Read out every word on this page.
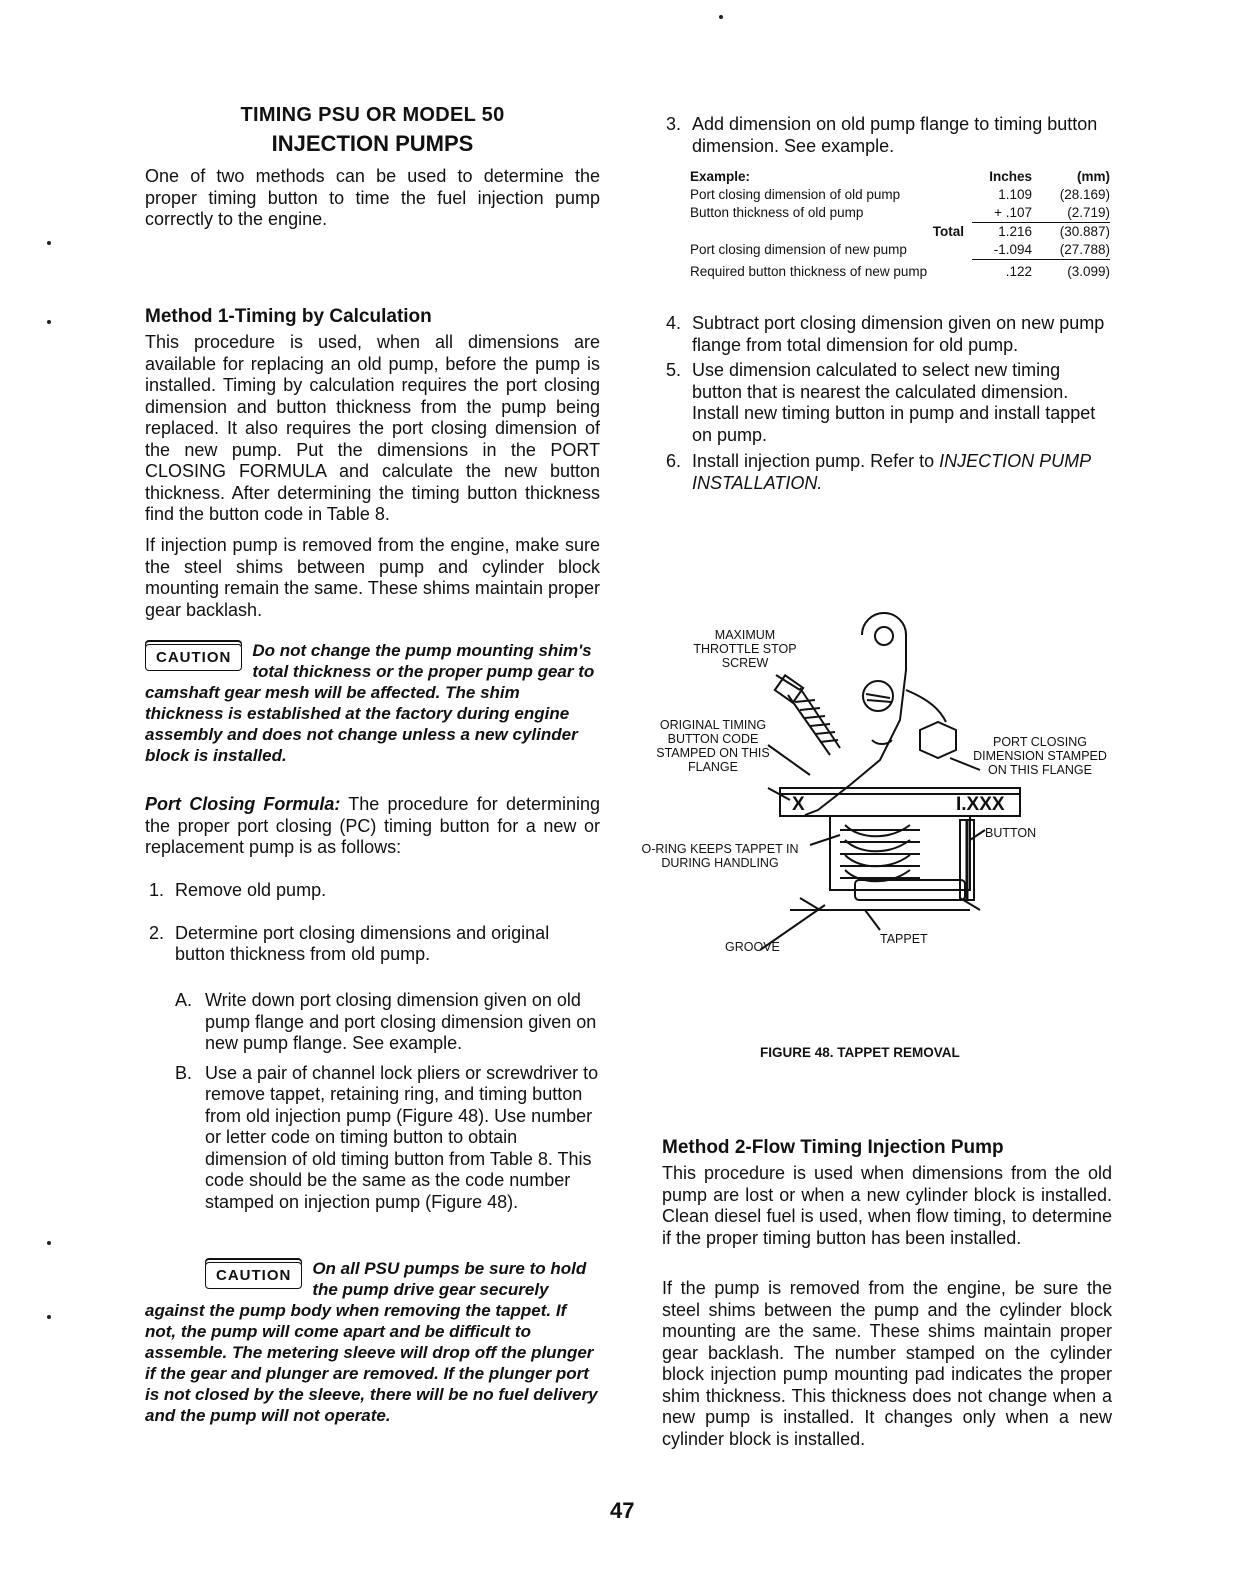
TIMING PSU OR MODEL 50
INJECTION PUMPS

One of two methods can be used to determine the proper timing button to time the fuel injection pump correctly to the engine.

Method 1-Timing by Calculation

This procedure is used, when all dimensions are available for replacing an old pump, before the pump is installed. Timing by calculation requires the port closing dimension and button thickness from the pump being replaced. It also requires the port closing dimension of the new pump. Put the dimensions in the PORT CLOSING FORMULA and calculate the new button thickness. After determining the timing button thickness find the button code in Table 8.

If injection pump is removed from the engine, make sure the steel shims between pump and cylinder block mounting remain the same. These shims maintain proper gear backlash.

CAUTION	Do not change the pump mounting shim's total thickness or the proper pump gear to camshaft gear mesh will be affected. The shim thickness is established at the factory during engine assembly and does not change unless a new cylinder block is installed.

Port Closing Formula: The procedure for determining the proper port closing (PC) timing button for a new or replacement pump is as follows:

1. Remove old pump.
2. Determine port closing dimensions and original button thickness from old pump.
A. Write down port closing dimension given on old pump flange and port closing dimension given on new pump flange. See example.
B. Use a pair of channel lock pliers or screwdriver to remove tappet, retaining ring, and timing button from old injection pump (Figure 48). Use number or letter code on timing button to obtain dimension of old timing button from Table 8. This code should be the same as the code number stamped on injection pump (Figure 48).
CAUTION	On all PSU pumps be sure to hold the pump drive gear securely against the pump body when removing the tappet. If not, the pump will come apart and be difficult to assemble. The metering sleeve will drop off the plunger if the gear and plunger are removed. If the plunger port is not closed by the sleeve, there will be no fuel delivery and the pump will not operate.

3. Add dimension on old pump flange to timing button dimension. See example.
Example:	Inches	(mm)
Port closing dimension of old pump	1.109	(28.169)
Button thickness of old pump	+ .107	(2.719)
Total	1.216	(30.887)
Port closing dimension of new pump	-1.094	(27.788)
Required button thickness of new pump	.122	(3.099)
4. Subtract port closing dimension given on new pump flange from total dimension for old pump.
5. Use dimension calculated to select new timing button that is nearest the calculated dimension. Install new timing button in pump and install tappet on pump.
6. Install injection pump. Refer to INJECTION PUMP INSTALLATION.
MAXIMUM THROTTLE STOP SCREW
ORIGINAL TIMING BUTTON CODE STAMPED ON THIS FLANGE
PORT CLOSING DIMENSION STAMPED ON THIS FLANGE
BUTTON
O-RING KEEPS TAPPET IN DURING HANDLING
GROOVE
TAPPET
X	I.XXX
FIGURE 48. TAPPET REMOVAL
Method 2-Flow Timing Injection Pump

This procedure is used when dimensions from the old pump are lost or when a new cylinder block is installed. Clean diesel fuel is used, when flow timing, to determine if the proper timing button has been installed.

If the pump is removed from the engine, be sure the steel shims between the pump and the cylinder block mounting are the same. These shims maintain proper gear backlash. The number stamped on the cylinder block injection pump mounting pad indicates the proper shim thickness. This thickness does not change when a new pump is installed. It changes only when a new cylinder block is installed.

47
